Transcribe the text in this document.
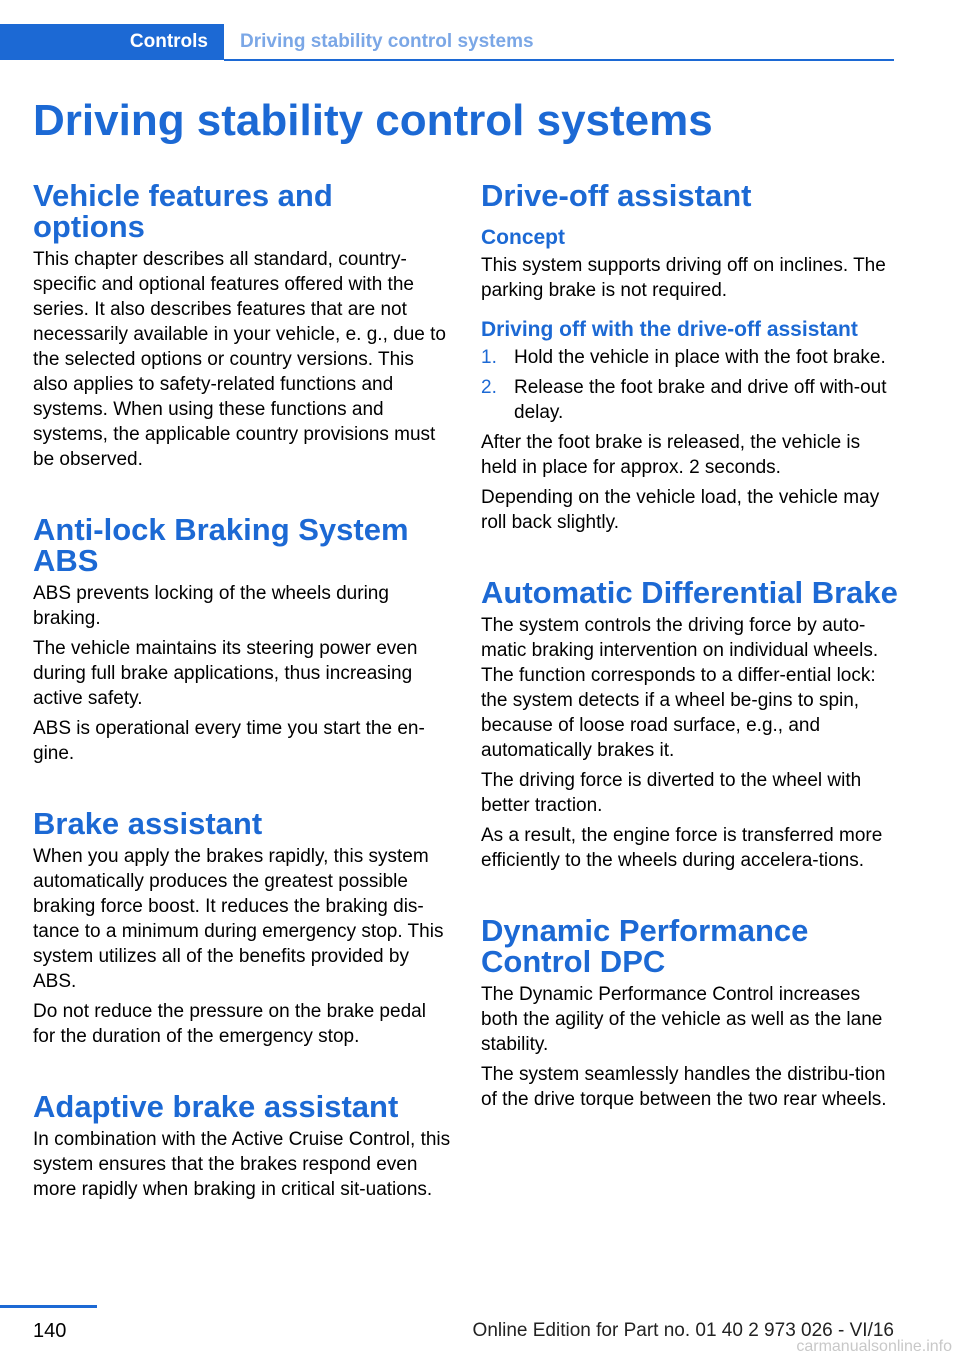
Controls	Driving stability control systems
Driving stability control systems
Vehicle features and options

This chapter describes all standard, country-specific and optional features offered with the series. It also describes features that are not necessarily available in your vehicle, e. g., due to the selected options or country versions. This also applies to safety-related functions and systems. When using these functions and systems, the applicable country provisions must be observed.

Anti-lock Braking System ABS

ABS prevents locking of the wheels during braking.

The vehicle maintains its steering power even during full brake applications, thus increasing active safety.

ABS is operational every time you start the en-gine.

Brake assistant

When you apply the brakes rapidly, this system automatically produces the greatest possible braking force boost. It reduces the braking dis-tance to a minimum during emergency stop. This system utilizes all of the benefits provided by ABS.

Do not reduce the pressure on the brake pedal for the duration of the emergency stop.

Adaptive brake assistant

In combination with the Active Cruise Control, this system ensures that the brakes respond even more rapidly when braking in critical sit-uations.

Drive-off assistant
Concept

This system supports driving off on inclines. The parking brake is not required.

Driving off with the drive-off assistant
1. Hold the vehicle in place with the foot brake.
2. Release the foot brake and drive off with-out delay.

After the foot brake is released, the vehicle is held in place for approx. 2 seconds.

Depending on the vehicle load, the vehicle may roll back slightly.

Automatic Differential Brake

The system controls the driving force by auto-matic braking intervention on individual wheels. The function corresponds to a differ-ential lock: the system detects if a wheel be-gins to spin, because of loose road surface, e.g., and automatically brakes it.

The driving force is diverted to the wheel with better traction.

As a result, the engine force is transferred more efficiently to the wheels during accelera-tions.

Dynamic Performance Control DPC

The Dynamic Performance Control increases both the agility of the vehicle as well as the lane stability.

The system seamlessly handles the distribu-tion of the drive torque between the two rear wheels.

140	Online Edition for Part no. 01 40 2 973 026 - VI/16
carmanualsonline.info
